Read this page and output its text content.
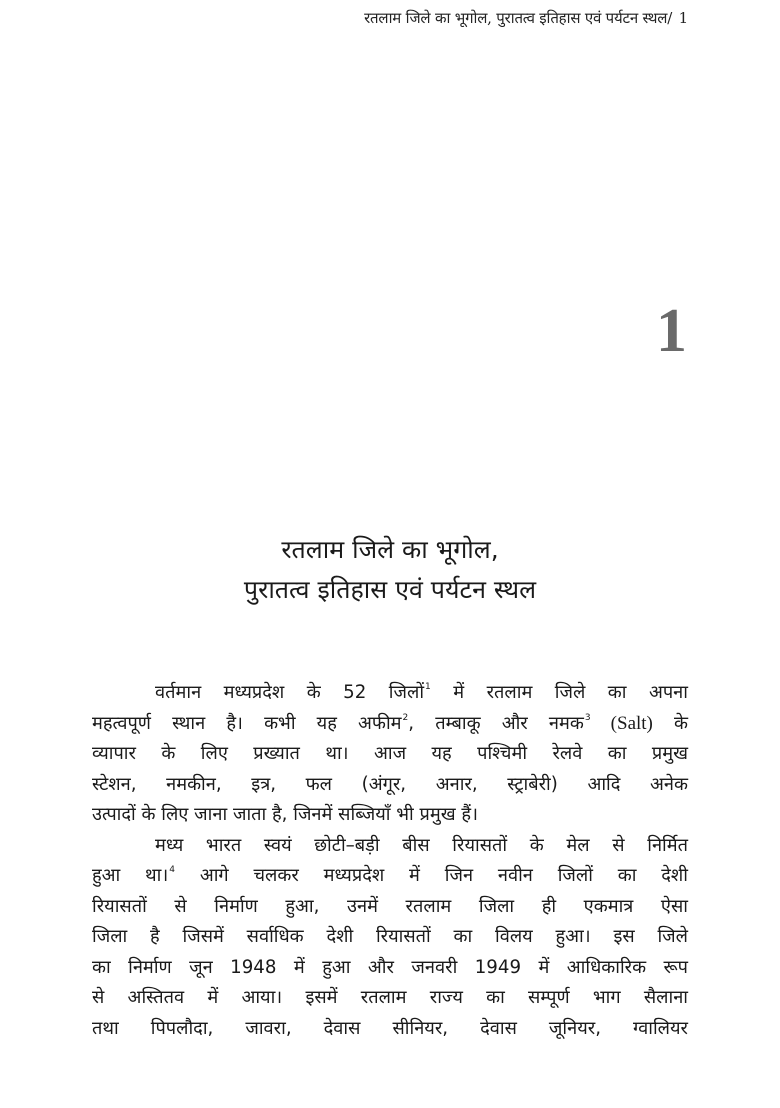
रतलाम जिले का भूगोल, पुरातत्व इतिहास एवं पर्यटन स्थल/ 1
1
रतलाम जिले का भूगोल,
पुरातत्व इतिहास एवं पर्यटन स्थल
वर्तमान मध्यप्रदेश के 52 जिलों$^1$ में रतलाम जिले का अपना
महत्वपूर्ण स्थान है। कभी यह अफीम$^2$, तम्बाकू और नमक$^3$ (Salt) के
व्यापार के लिए प्रख्यात था। आज यह पश्चिमी रेलवे का प्रमुख
स्टेशन, नमकीन, इत्र, फल (अंगूर, अनार, स्ट्राबेरी) आदि अनेक
उत्पादों के लिए जाना जाता है, जिनमें सब्जियाँ भी प्रमुख हैं।
मध्य भारत स्वयं छोटी–बड़ी बीस रियासतों के मेल से निर्मित
हुआ था।$^4$ आगे चलकर मध्यप्रदेश में जिन नवीन जिलों का देशी
रियासतों से निर्माण हुआ, उनमें रतलाम जिला ही एकमात्र ऐसा
जिला है जिसमें सर्वाधिक देशी रियासतों का विलय हुआ। इस जिले
का निर्माण जून 1948 में हुआ और जनवरी 1949 में आधिकारिक रूप
से अस्तितव में आया। इसमें रतलाम राज्य का सम्पूर्ण भाग सैलाना
तथा पिपलौदा, जावरा, देवास सीनियर, देवास जूनियर, ग्वालियर
